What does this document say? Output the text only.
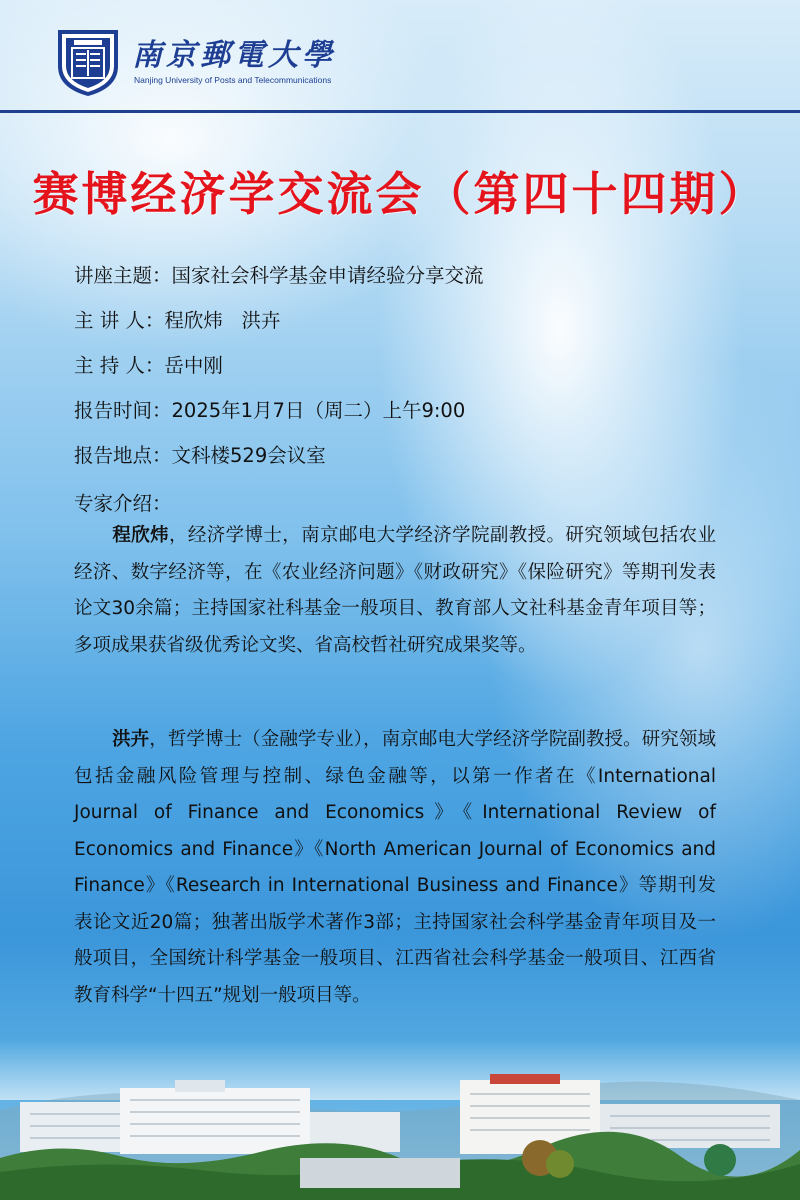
南京郵電大學
Nanjing University of Posts and Telecommunications
赛博经济学交流会（第四十四期）
讲座主题：国家社会科学基金申请经验分享交流
主 讲 人：程欣炜   洪卉
主 持 人：岳中刚
报告时间：2025年1月7日（周二）上午9:00
报告地点：文科楼529会议室
专家介绍：
程欣炜，经济学博士，南京邮电大学经济学院副教授。研究领域包括农业经济、数字经济等，在《农业经济问题》《财政研究》《保险研究》等期刊发表论文30余篇；主持国家社科基金一般项目、教育部人文社科基金青年项目等；多项成果获省级优秀论文奖、省高校哲社研究成果奖等。
洪卉，哲学博士（金融学专业），南京邮电大学经济学院副教授。研究领域包括金融风险管理与控制、绿色金融等，以第一作者在《International Journal of Finance and Economics》《International Review of Economics and Finance》《North American Journal of Economics and Finance》《Research in International Business and Finance》等期刊发表论文近20篇；独著出版学术著作3部；主持国家社会科学基金青年项目及一般项目，全国统计科学基金一般项目、江西省社会科学基金一般项目、江西省教育科学“十四五”规划一般项目等。
